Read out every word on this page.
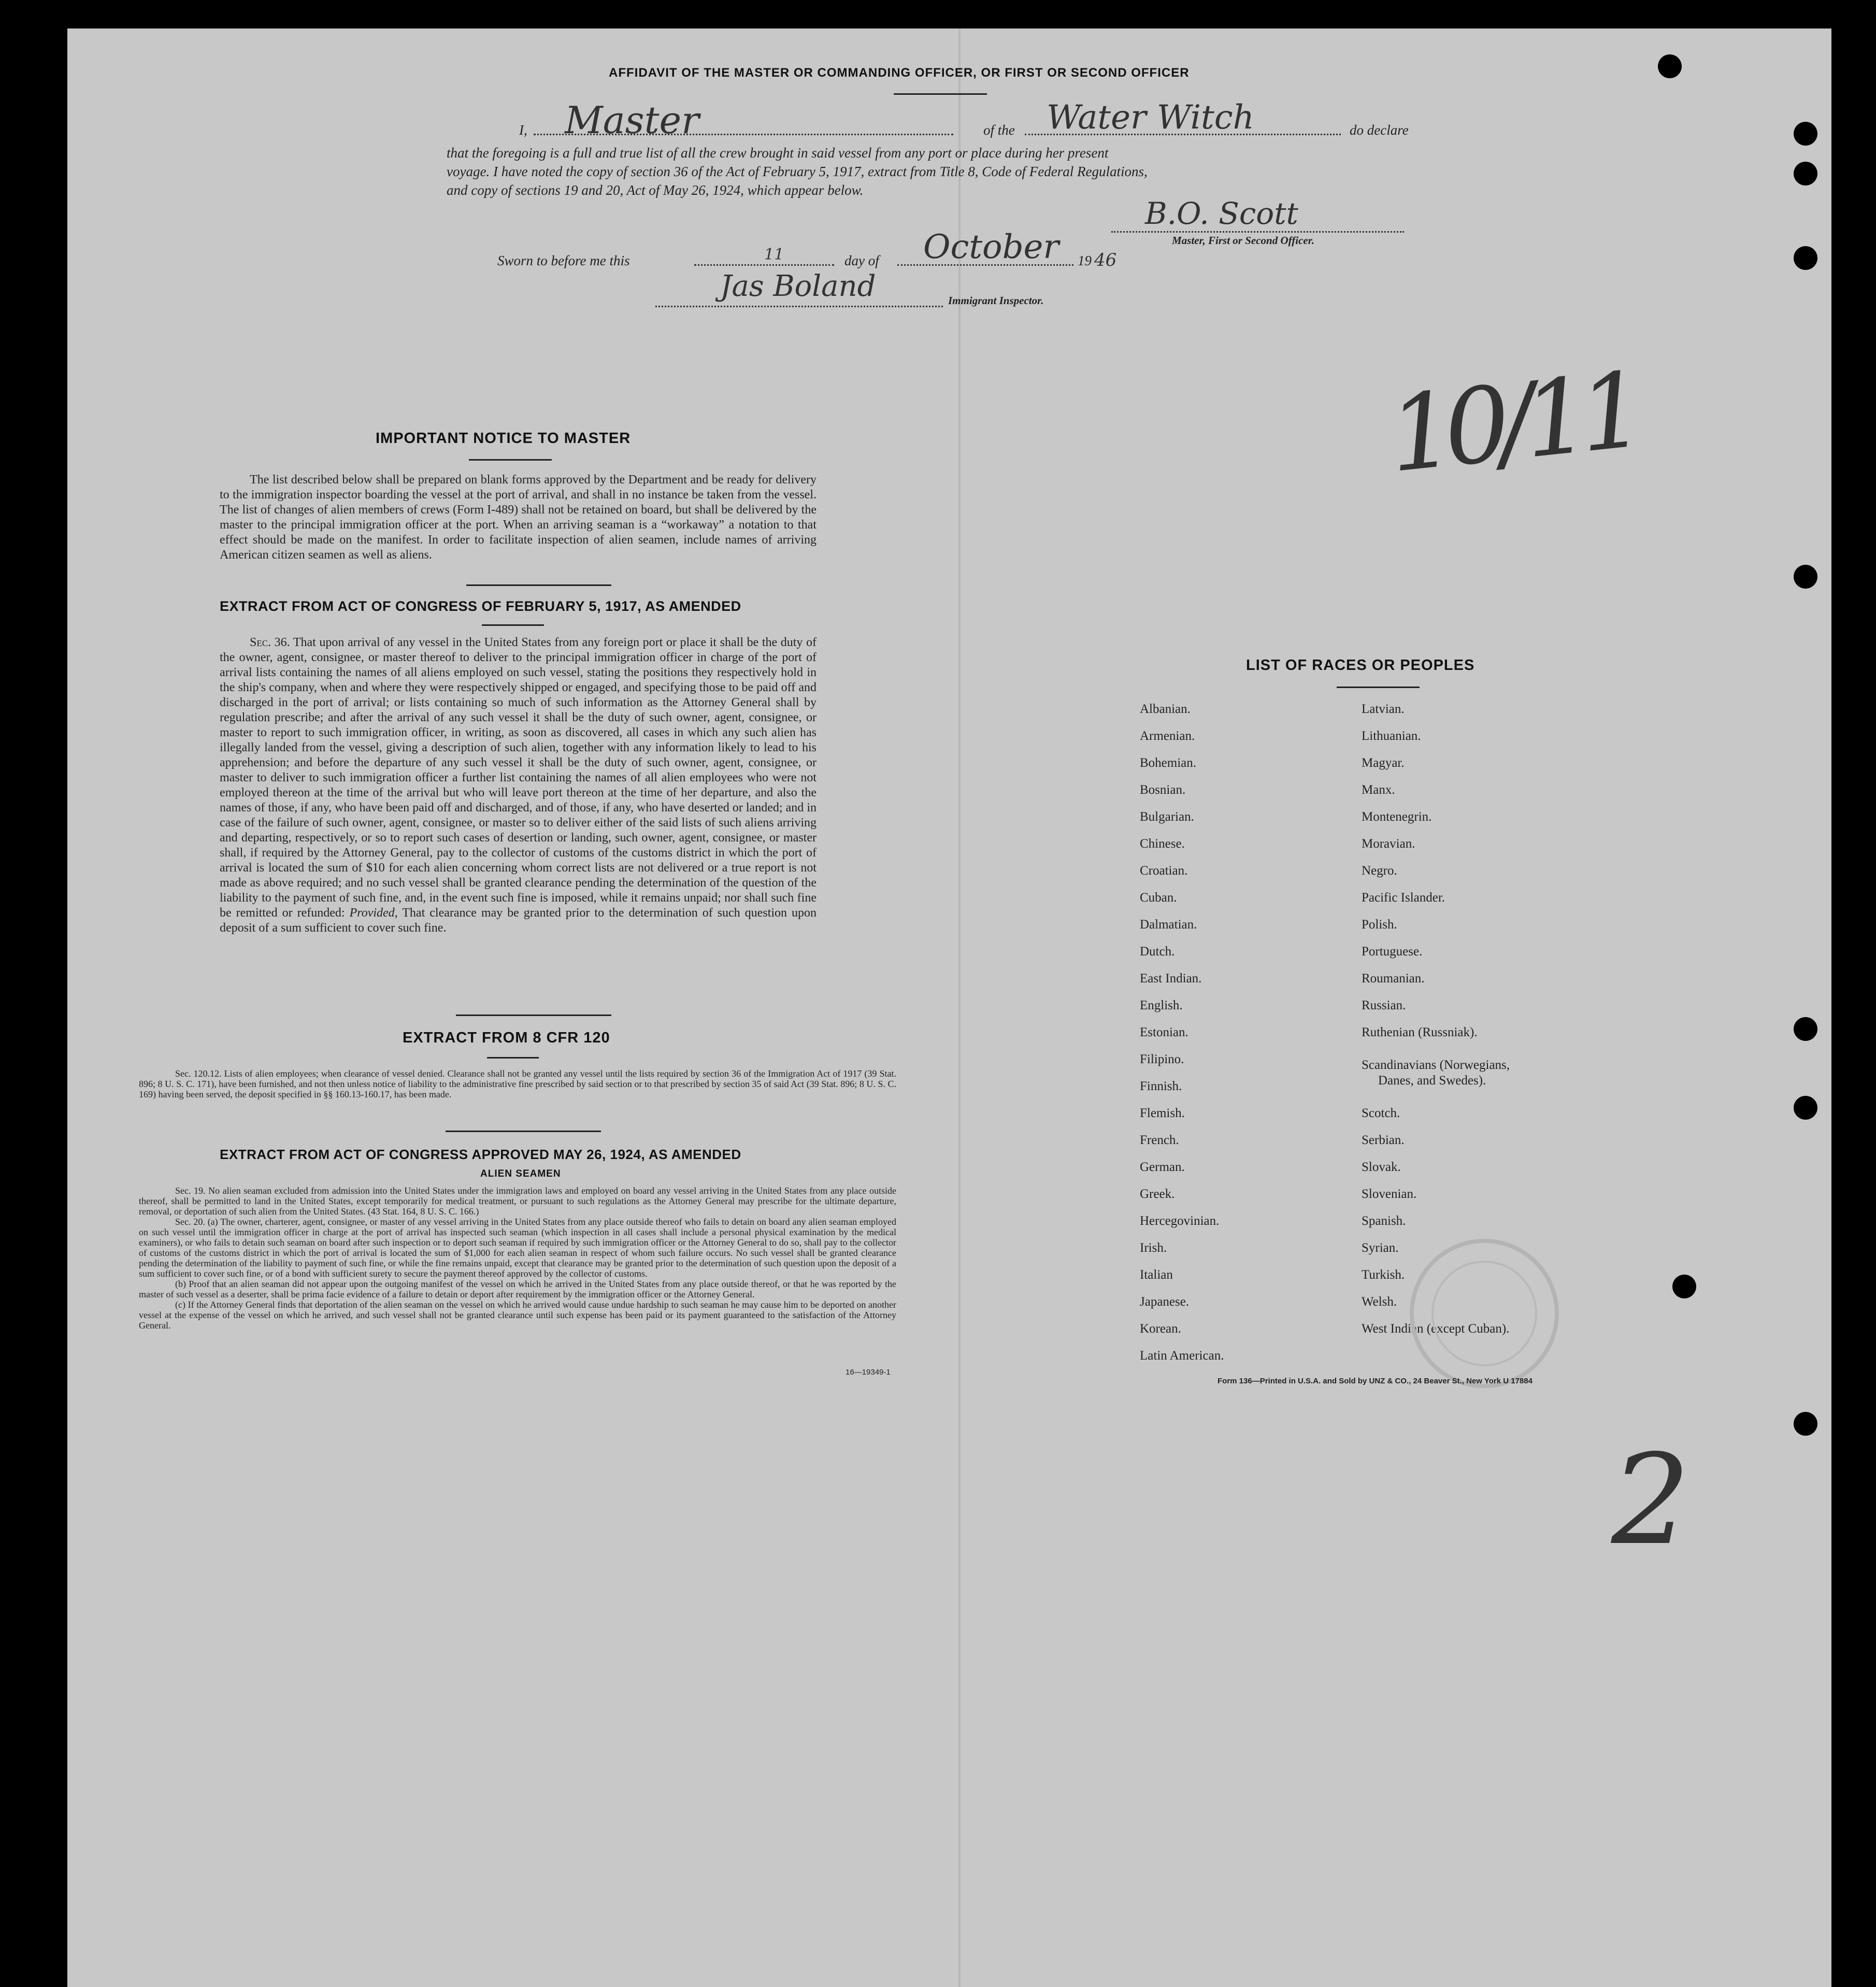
AFFIDAVIT OF THE MASTER OR COMMANDING OFFICER, OR FIRST OR SECOND OFFICER
I, Master	of the Water Witch	do declare
that the foregoing is a full and true list of all the crew brought in said vessel from any port or place during her present
voyage. I have noted the copy of section 36 of the Act of February 5, 1917, extract from Title 8, Code of Federal Regulations,
and copy of sections 19 and 20, Act of May 26, 1924, which appear below.
B.O. Scott
Master, First or Second Officer.
Sworn to before me this	11	day of October 19 46
Jas Boland	Immigrant Inspector.
IMPORTANT NOTICE TO MASTER
The list described below shall be prepared on blank forms approved by the Department and be ready for delivery to the immigration inspector boarding the vessel at the port of arrival, and shall in no instance be taken from the vessel. The list of changes of alien members of crews (Form I-489) shall not be retained on board, but shall be delivered by the master to the principal immigration officer at the port. When an arriving seaman is a “workaway” a notation to that effect should be made on the manifest. In order to facilitate inspection of alien seamen, include names of arriving American citizen seamen as well as aliens.
EXTRACT FROM ACT OF CONGRESS OF FEBRUARY 5, 1917, AS AMENDED
Sec. 36. That upon arrival of any vessel in the United States from any foreign port or place it shall be the duty of the owner, agent, consignee, or master thereof to deliver to the principal immigration officer in charge of the port of arrival lists containing the names of all aliens employed on such vessel, stating the positions they respectively hold in the ship's company, when and where they were respectively shipped or engaged, and specifying those to be paid off and discharged in the port of arrival; or lists containing so much of such information as the Attorney General shall by regulation prescribe; and after the arrival of any such vessel it shall be the duty of such owner, agent, consignee, or master to report to such immigration officer, in writing, as soon as discovered, all cases in which any such alien has illegally landed from the vessel, giving a description of such alien, together with any information likely to lead to his apprehension; and before the departure of any such vessel it shall be the duty of such owner, agent, consignee, or master to deliver to such immigration officer a further list containing the names of all alien employees who were not employed thereon at the time of the arrival but who will leave port thereon at the time of her departure, and also the names of those, if any, who have been paid off and discharged, and of those, if any, who have deserted or landed; and in case of the failure of such owner, agent, consignee, or master so to deliver either of the said lists of such aliens arriving and departing, respectively, or so to report such cases of desertion or landing, such owner, agent, consignee, or master shall, if required by the Attorney General, pay to the collector of customs of the customs district in which the port of arrival is located the sum of $10 for each alien concerning whom correct lists are not delivered or a true report is not made as above required; and no such vessel shall be granted clearance pending the determination of the question of the liability to the payment of such fine, and, in the event such fine is imposed, while it remains unpaid; nor shall such fine be remitted or refunded: Provided, That clearance may be granted prior to the determination of such question upon deposit of a sum sufficient to cover such fine.
EXTRACT FROM 8 CFR 120
Sec. 120.12. Lists of alien employees; when clearance of vessel denied. Clearance shall not be granted any vessel until the lists required by section 36 of the Immigration Act of 1917 (39 Stat. 896; 8 U. S. C. 171), have been furnished, and not then unless notice of liability to the administrative fine prescribed by said section or to that prescribed by section 35 of said Act (39 Stat. 896; 8 U. S. C. 169) having been served, the deposit specified in §§ 160.13-160.17, has been made.
EXTRACT FROM ACT OF CONGRESS APPROVED MAY 26, 1924, AS AMENDED
ALIEN SEAMEN
Sec. 19. No alien seaman excluded from admission into the United States under the immigration laws and employed on board any vessel arriving in the United States from any place outside thereof, shall be permitted to land in the United States, except temporarily for medical treatment, or pursuant to such regulations as the Attorney General may prescribe for the ultimate departure, removal, or deportation of such alien from the United States. (43 Stat. 164, 8 U. S. C. 166.)
Sec. 20. (a) The owner, charterer, agent, consignee, or master of any vessel arriving in the United States from any place outside thereof who fails to detain on board any alien seaman employed on such vessel until the immigration officer in charge at the port of arrival has inspected such seaman (which inspection in all cases shall include a personal physical examination by the medical examiners), or who fails to detain such seaman on board after such inspection or to deport such seaman if required by such immigration officer or the Attorney General to do so, shall pay to the collector of customs of the customs district in which the port of arrival is located the sum of $1,000 for each alien seaman in respect of whom such failure occurs. No such vessel shall be granted clearance pending the determination of the liability to payment of such fine, or while the fine remains unpaid, except that clearance may be granted prior to the determination of such question upon the deposit of a sum sufficient to cover such fine, or of a bond with sufficient surety to secure the payment thereof approved by the collector of customs.
(b) Proof that an alien seaman did not appear upon the outgoing manifest of the vessel on which he arrived in the United States from any place outside thereof, or that he was reported by the master of such vessel as a deserter, shall be prima facie evidence of a failure to detain or deport after requirement by the immigration officer or the Attorney General.
(c) If the Attorney General finds that deportation of the alien seaman on the vessel on which he arrived would cause undue hardship to such seaman he may cause him to be deported on another vessel at the expense of the vessel on which he arrived, and such vessel shall not be granted clearance until such expense has been paid or its payment guaranteed to the satisfaction of the Attorney General.
16—19349-1
10/11
2
LIST OF RACES OR PEOPLES
Albanian.
Armenian.
Bohemian.
Bosnian.
Bulgarian.
Chinese.
Croatian.
Cuban.
Dalmatian.
Dutch.
East Indian.
English.
Estonian.
Filipino.
Finnish.
Flemish.
French.
German.
Greek.
Hercegovinian.
Irish.
Italian
Japanese.
Korean.
Latin American.
Latvian.
Lithuanian.
Magyar.
Manx.
Montenegrin.
Moravian.
Negro.
Pacific Islander.
Polish.
Portuguese.
Roumanian.
Russian.
Ruthenian (Russniak).
Scandinavians (Norwegians,
Danes, and Swedes).
Scotch.
Serbian.
Slovak.
Slovenian.
Spanish.
Syrian.
Turkish.
Welsh.
West Indian (except Cuban).
Form 136—Printed in U.S.A. and Sold by UNZ & CO., 24 Beaver St., New York U 17884
